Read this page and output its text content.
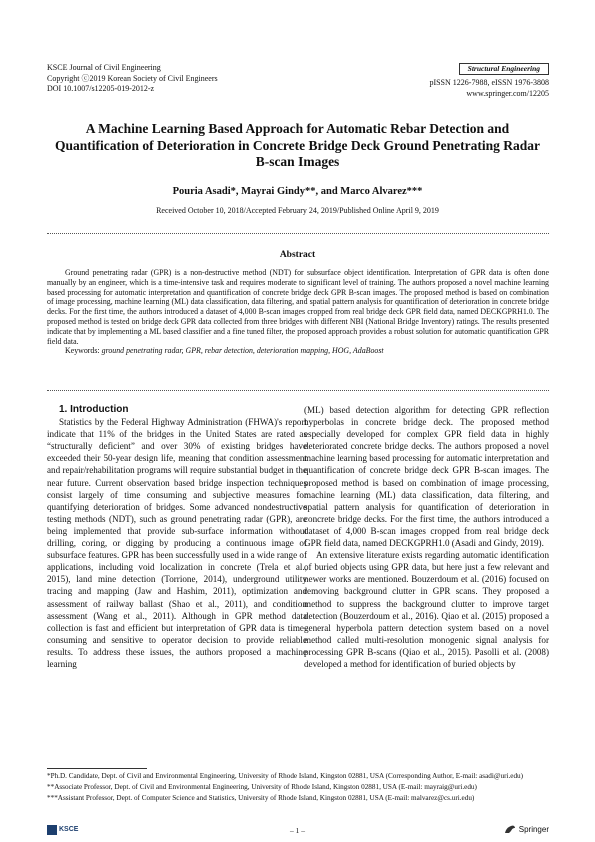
KSCE Journal of Civil Engineering
Copyright ⓒ2019 Korean Society of Civil Engineers
DOI 10.1007/s12205-019-2012-z
Structural Engineering
pISSN 1226-7988, eISSN 1976-3808
www.springer.com/12205
A Machine Learning Based Approach for Automatic Rebar Detection and Quantification of Deterioration in Concrete Bridge Deck Ground Penetrating Radar B-scan Images
Pouria Asadi*, Mayrai Gindy**, and Marco Alvarez***
Received October 10, 2018/Accepted February 24, 2019/Published Online April 9, 2019
Abstract

Ground penetrating radar (GPR) is a non-destructive method (NDT) for subsurface object identification. Interpretation of GPR data is often done manually by an engineer, which is a time-intensive task and requires moderate to significant level of training. The authors proposed a novel machine learning based processing for automatic interpretation and quantification of concrete bridge deck GPR B-scan images. The proposed method is based on combination of image processing, machine learning (ML) data classification, data filtering, and spatial pattern analysis for quantification of deterioration in concrete bridge decks. For the first time, the authors introduced a dataset of 4,000 B-scan images cropped from real bridge deck GPR field data, named DECKGPRH1.0. The proposed method is tested on bridge deck GPR data collected from three bridges with different NBI (National Bridge Inventory) ratings. The results presented indicate that by implementing a ML based classifier and a fine tuned filter, the proposed approach provides a robust solution for automatic quantification GPR field data.

Keywords: ground penetrating radar, GPR, rebar detection, deterioration mapping, HOG, AdaBoost

1. Introduction

Statistics by the Federal Highway Administration (FHWA)'s report indicate that 11% of the bridges in the United States are rated as “structurally deficient” and over 30% of existing bridges have exceeded their 50-year design life, meaning that condition assessment and repair/rehabilitation programs will require substantial budget in the near future. Current observation based bridge inspection techniques consist largely of time consuming and subjective measures for quantifying deterioration of bridges. Some advanced nondestructive testing methods (NDT), such as ground penetrating radar (GPR), are being implemented that provide sub-surface information without drilling, coring, or digging by producing a continuous image of subsurface features. GPR has been successfully used in a wide range of applications, including void localization in concrete (Trela et al., 2015), land mine detection (Torrione, 2014), underground utility tracing and mapping (Jaw and Hashim, 2011), optimization and assessment of railway ballast (Shao et al., 2011), and condition assessment (Wang et al., 2011). Although in GPR method data collection is fast and efficient but interpretation of GPR data is time-consuming and sensitive to operator decision to provide reliable results. To address these issues, the authors proposed a machine learning

(ML) based detection algorithm for detecting GPR reflection hyperbolas in concrete bridge deck. The proposed method especially developed for complex GPR field data in highly deteriorated concrete bridge decks. The authors proposed a novel machine learning based processing for automatic interpretation and quantification of concrete bridge deck GPR B-scan images. The proposed method is based on combination of image processing, machine learning (ML) data classification, data filtering, and spatial pattern analysis for quantification of deterioration in concrete bridge decks. For the first time, the authors introduced a dataset of 4,000 B-scan images cropped from real bridge deck GPR field data, named DECKGPRH1.0 (Asadi and Gindy, 2019).

An extensive literature exists regarding automatic identification of buried objects using GPR data, but here just a few relevant and newer works are mentioned. Bouzerdoum et al. (2016) focused on removing background clutter in GPR scans. They proposed a method to suppress the background clutter to improve target detection (Bouzerdoum et al., 2016). Qiao et al. (2015) proposed a general hyperbola pattern detection system based on a novel method called multi-resolution monogenic signal analysis for processing GPR B-scans (Qiao et al., 2015). Pasolli et al. (2008) developed a method for identification of buried objects by

*Ph.D. Candidate, Dept. of Civil and Environmental Engineering, University of Rhode Island, Kingston 02881, USA (Corresponding Author, E-mail: asadi@uri.edu)

**Associate Professor, Dept. of Civil and Environmental Engineering, University of Rhode Island, Kingston 02881, USA (E-mail: mayraig@uri.edu)

***Assistant Professor, Dept. of Computer Science and Statistics, University of Rhode Island, Kingston 02881, USA (E-mail: malvarez@cs.uri.edu)

KSCE	– 1 –	Springer
